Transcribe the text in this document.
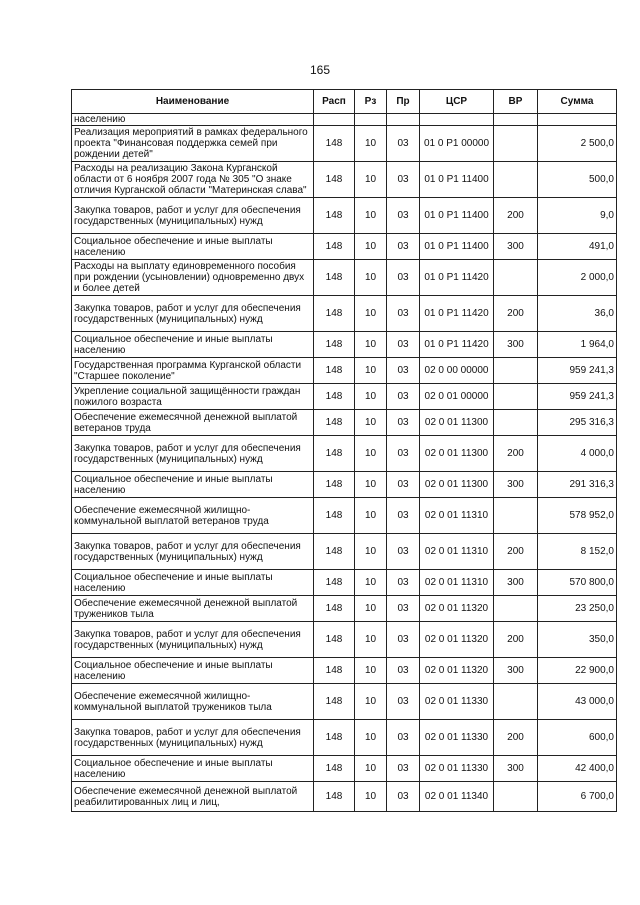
165
Наименование	Расп	Рз	Пр	ЦСР	ВР	Сумма
населению						
Реализация мероприятий в рамках федерального проекта "Финансовая поддержка семей при рождении детей"	148	10	03	01 0 P1 00000		2 500,0
Расходы на реализацию Закона Курганской области от 6 ноября 2007 года № 305 "О знаке отличия Курганской области "Материнская слава"	148	10	03	01 0 P1 11400		500,0
Закупка товаров, работ и услуг для обеспечения государственных (муниципальных) нужд	148	10	03	01 0 P1 11400	200	9,0
Социальное обеспечение и иные выплаты населению	148	10	03	01 0 P1 11400	300	491,0
Расходы на выплату единовременного пособия при рождении (усыновлении) одновременно двух и более детей	148	10	03	01 0 P1 11420		2 000,0
Закупка товаров, работ и услуг для обеспечения государственных (муниципальных) нужд	148	10	03	01 0 P1 11420	200	36,0
Социальное обеспечение и иные выплаты населению	148	10	03	01 0 P1 11420	300	1 964,0
Государственная программа Курганской области "Старшее поколение"	148	10	03	02 0 00 00000		959 241,3
Укрепление социальной защищённости граждан пожилого возраста	148	10	03	02 0 01 00000		959 241,3
Обеспечение ежемесячной денежной выплатой ветеранов труда	148	10	03	02 0 01 11300		295 316,3
Закупка товаров, работ и услуг для обеспечения государственных (муниципальных) нужд	148	10	03	02 0 01 11300	200	4 000,0
Социальное обеспечение и иные выплаты населению	148	10	03	02 0 01 11300	300	291 316,3
Обеспечение ежемесячной жилищно-коммунальной выплатой ветеранов труда	148	10	03	02 0 01 11310		578 952,0
Закупка товаров, работ и услуг для обеспечения государственных (муниципальных) нужд	148	10	03	02 0 01 11310	200	8 152,0
Социальное обеспечение и иные выплаты населению	148	10	03	02 0 01 11310	300	570 800,0
Обеспечение ежемесячной денежной выплатой тружеников тыла	148	10	03	02 0 01 11320		23 250,0
Закупка товаров, работ и услуг для обеспечения государственных (муниципальных) нужд	148	10	03	02 0 01 11320	200	350,0
Социальное обеспечение и иные выплаты населению	148	10	03	02 0 01 11320	300	22 900,0
Обеспечение ежемесячной жилищно-коммунальной выплатой тружеников тыла	148	10	03	02 0 01 11330		43 000,0
Закупка товаров, работ и услуг для обеспечения государственных (муниципальных) нужд	148	10	03	02 0 01 11330	200	600,0
Социальное обеспечение и иные выплаты населению	148	10	03	02 0 01 11330	300	42 400,0
Обеспечение ежемесячной денежной выплатой реабилитированных лиц и лиц,	148	10	03	02 0 01 11340		6 700,0
